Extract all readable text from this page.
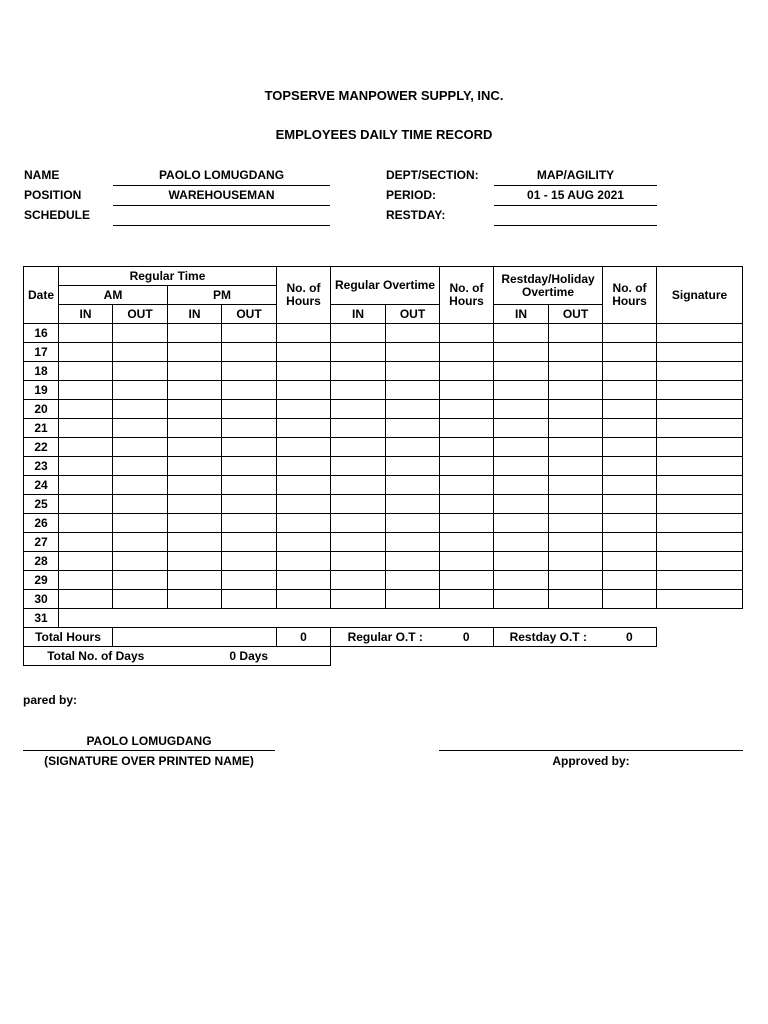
TOPSERVE MANPOWER SUPPLY, INC.
EMPLOYEES DAILY TIME RECORD
NAME	PAOLO LOMUGDANG
POSITION	WAREHOUSEMAN
SCHEDULE
DEPT/SECTION:	MAP/AGILITY
PERIOD:	01 - 15 AUG 2021
RESTDAY:
Date	Regular Time				No. of Hours	Regular Overtime		No. of Hours	Restday/Holiday Overtime		No. of Hours	Signature
	AM		PM									
	IN	OUT	IN	OUT		IN	OUT		IN	OUT		
16												
17												
18												
19												
20												
21												
22												
23												
24												
25												
26												
27												
28												
29												
30												
31												
Total Hours					0	Regular O.T :		0	Restday O.T :		0	
Total No. of Days			0 Days									
pared by:
PAOLO LOMUGDANG
(SIGNATURE OVER PRINTED NAME)	Approved by:
